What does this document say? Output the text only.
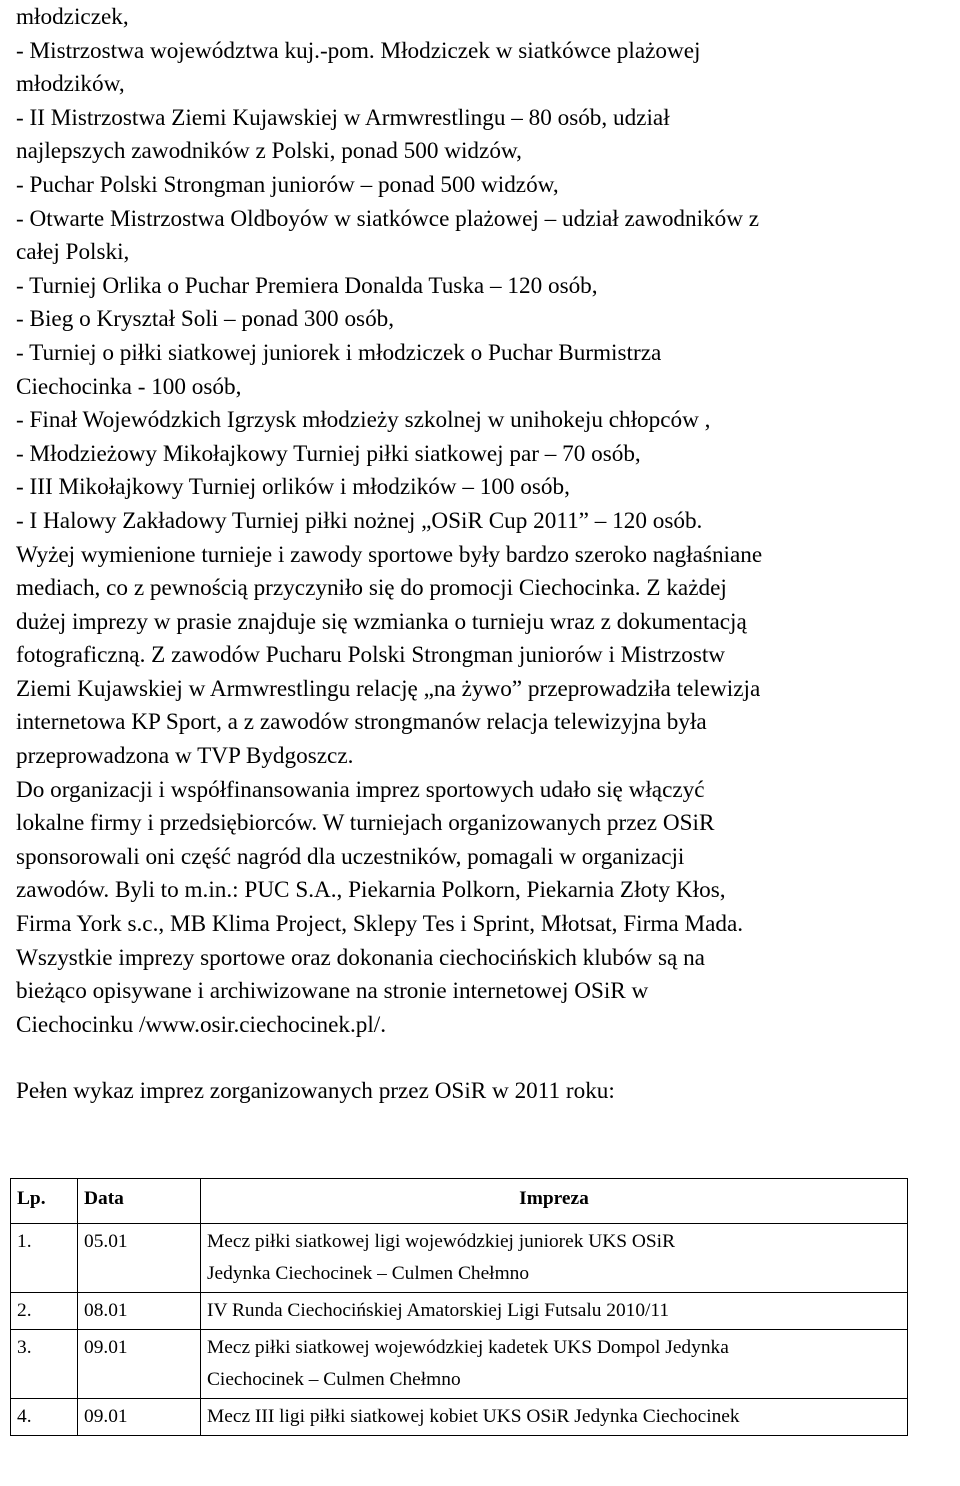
młodziczek,
- Mistrzostwa województwa kuj.-pom. Młodziczek w siatkówce plażowej
młodzików,
- II Mistrzostwa Ziemi Kujawskiej w Armwrestlingu – 80 osób, udział
najlepszych zawodników z Polski, ponad 500 widzów,
- Puchar Polski Strongman juniorów – ponad 500 widzów,
- Otwarte Mistrzostwa Oldboyów w siatkówce plażowej – udział zawodników z
całej Polski,
- Turniej Orlika o Puchar Premiera Donalda Tuska – 120 osób,
- Bieg o Kryształ Soli – ponad 300 osób,
- Turniej o piłki siatkowej juniorek i młodziczek o Puchar Burmistrza
Ciechocinka - 100 osób,
- Finał Wojewódzkich Igrzysk młodzieży szkolnej w unihokeju chłopców ,
- Młodzieżowy Mikołajkowy Turniej piłki siatkowej par – 70 osób,
- III Mikołajkowy Turniej orlików i młodzików – 100 osób,
- I Halowy Zakładowy Turniej piłki nożnej „OSiR Cup 2011” – 120 osób.
Wyżej wymienione turnieje i zawody sportowe były bardzo szeroko nagłaśniane
mediach, co z pewnością przyczyniło się do promocji Ciechocinka. Z każdej
dużej imprezy w prasie znajduje się wzmianka o turnieju wraz z dokumentacją
fotograficzną. Z zawodów Pucharu Polski Strongman juniorów i Mistrzostw
Ziemi Kujawskiej w Armwrestlingu relację „na żywo” przeprowadziła telewizja
internetowa KP Sport, a z zawodów strongmanów relacja telewizyjna była
przeprowadzona w TVP Bydgoszcz.
Do organizacji i współfinansowania imprez sportowych udało się włączyć
lokalne firmy i przedsiębiorców. W turniejach organizowanych przez OSiR
sponsorowali oni część nagród dla uczestników, pomagali w organizacji
zawodów. Byli to m.in.: PUC S.A., Piekarnia Polkorn, Piekarnia Złoty Kłos,
Firma York s.c., MB Klima Project, Sklepy Tes i Sprint, Młotsat, Firma Mada.
Wszystkie imprezy sportowe oraz dokonania ciechocińskich klubów są na
bieżąco opisywane i archiwizowane na stronie internetowej OSiR w
Ciechocinku /www.osir.ciechocinek.pl/.
Pełen wykaz imprez zorganizowanych przez OSiR w 2011 roku:
Lp.	Data	Impreza
1.	05.01	Mecz piłki siatkowej ligi wojewódzkiej juniorek UKS OSiR
Jedynka Ciechocinek – Culmen Chełmno

2.	08.01	IV Runda Ciechocińskiej Amatorskiej Ligi Futsalu 2010/11

3.	09.01	Mecz piłki siatkowej wojewódzkiej kadetek UKS Dompol Jedynka
Ciechocinek – Culmen Chełmno

4.	09.01	Mecz III ligi piłki siatkowej kobiet UKS OSiR Jedynka Ciechocinek
